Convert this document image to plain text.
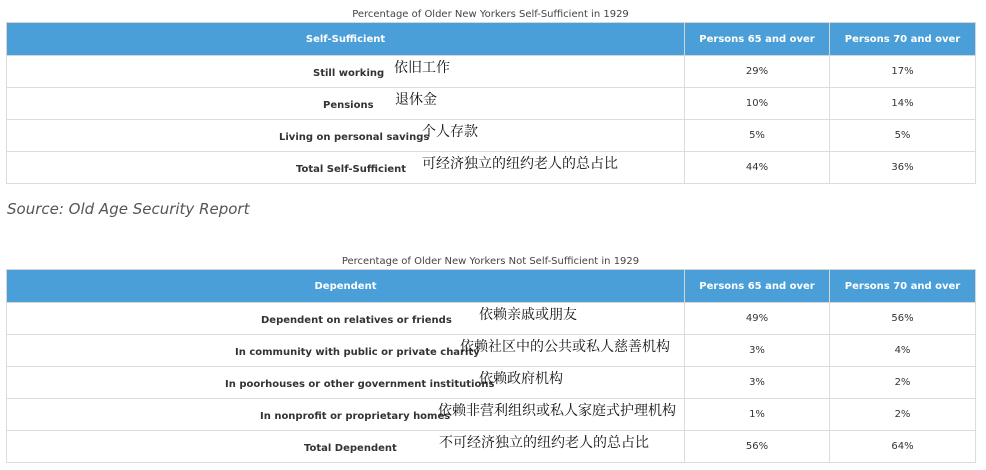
Percentage of Older New Yorkers Self-Sufficient in 1929
Self-Sufficient	Persons 65 and over	Persons 70 and over

Still working 依旧工作	29%	17%

Pensions 退休金	10%	14%

Living on personal savings
个人存款	5%	5%

Total Self-Sufficient 可经济独立的纽约老人的总占比	44%	36%
Source: Old Age Security Report
Percentage of Older New Yorkers Not Self-Sufficient in 1929
Dependent	Persons 65 and over	Persons 70 and over

Dependent on relatives or friends 依赖亲戚或朋友	49%	56%

In community with public or private charity
依赖社区中的公共或私人慈善机构	3%	4%

In poorhouses or other government institutions
依赖政府机构	3%	2%

In nonprofit or proprietary homes
依赖非营利组织或私人家庭式护理机构	1%	2%

Total Dependent 不可经济独立的纽约老人的总占比	56%	64%
